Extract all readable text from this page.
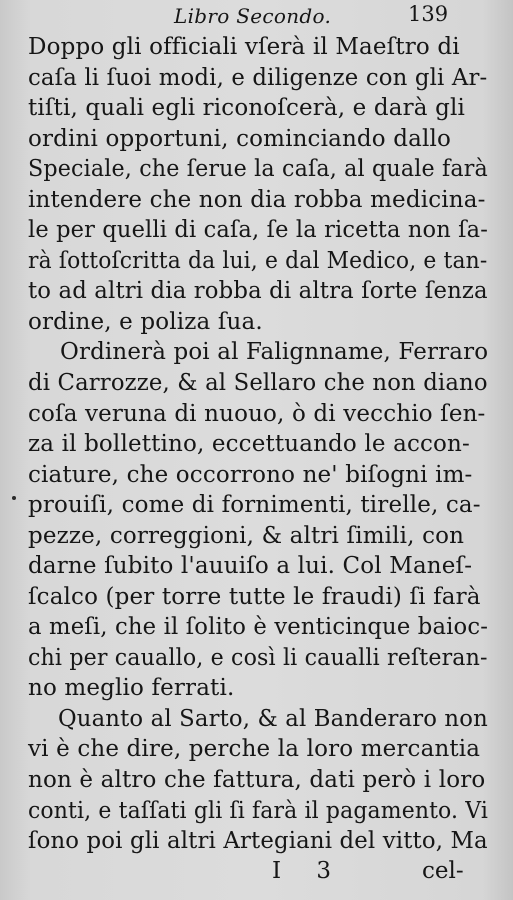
Libro Secondo.	139
Doppo gli officiali vſerà il Maeſtro di
caſa li ſuoi modi, e diligenze con gli Ar-
tiſti, quali egli riconoſcerà, e darà gli
ordini opportuni, cominciando dallo
Speciale, che ſerue la caſa, al quale farà
intendere che non dia robba medicina-
le per quelli di caſa, ſe la ricetta non ſa-
rà ſottoſcritta da lui, e dal Medico, e tan-
to ad altri dia robba di altra ſorte ſenza
ordine, e poliza ſua.
Ordinerà poi al Falignname, Ferraro
di Carrozze, & al Sellaro che non diano
coſa veruna di nuouo, ò di vecchio ſen-
za il bollettino, eccettuando le accon-
ciature, che occorrono ne' biſogni im-
prouiſi, come di fornimenti, tirelle, ca-
pezze, correggioni, & altri ſimili, con
darne ſubito l'auuiſo a lui. Col Maneſ-
ſcalco (per torre tutte le fraudi) ſi farà
a meſi, che il ſolito è venticinque baioc-
chi per cauallo, e così li caualli reſteran-
no meglio ferrati.
Quanto al Sarto, & al Banderaro non
vi è che dire, perche la loro mercantia
non è altro che fattura, dati però i loro
conti, e taſſati gli ſi farà il pagamento. Vi
ſono poi gli altri Artegiani del vitto, Ma
I 3	cel-
